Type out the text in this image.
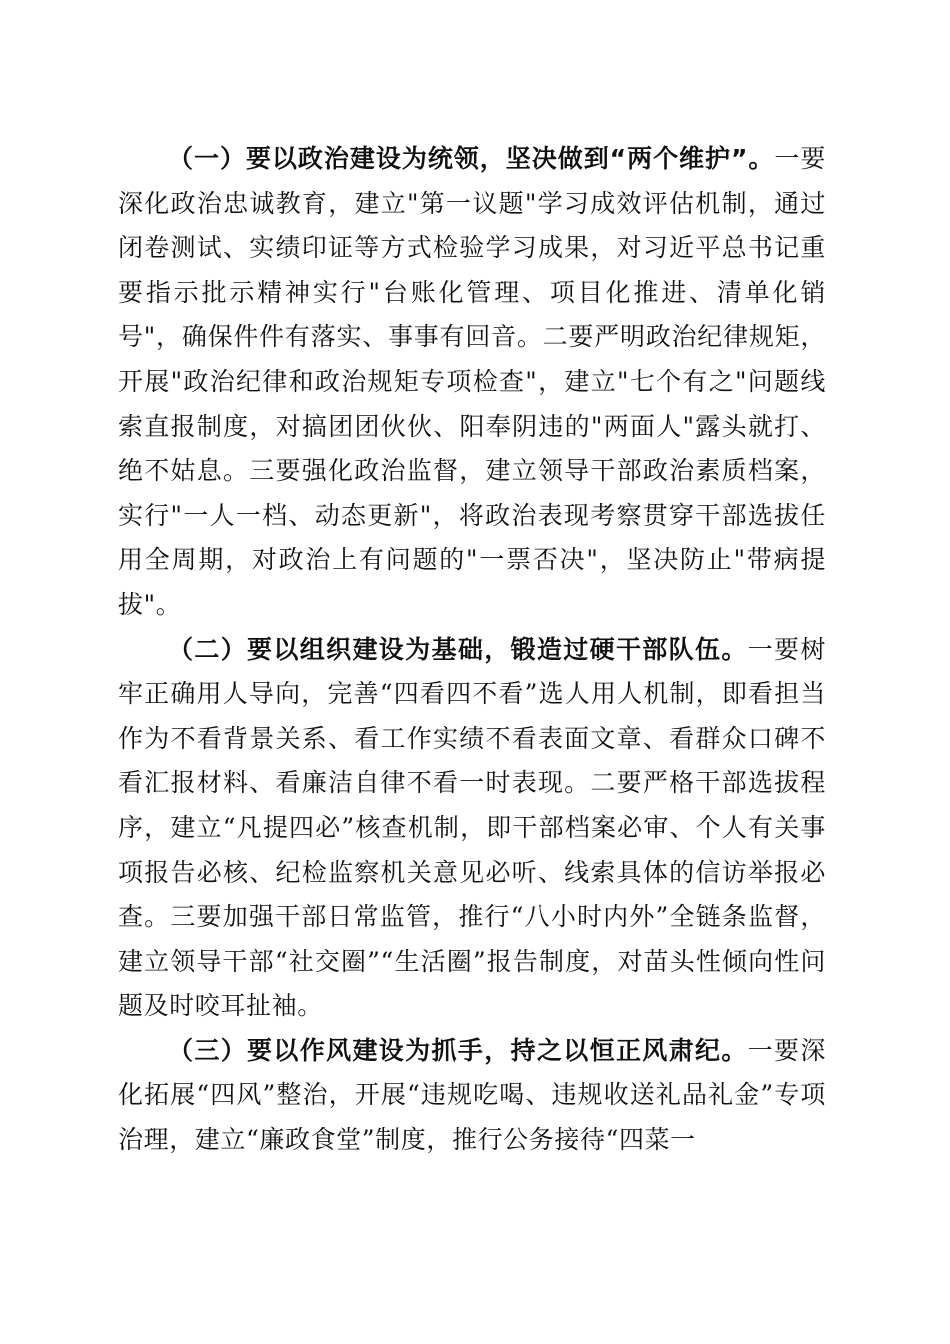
（一）要以政治建设为统领，坚决做到“两个维护”。一要深化政治忠诚教育，建立"第一议题"学习成效评估机制，通过闭卷测试、实绩印证等方式检验学习成果，对习近平总书记重要指示批示精神实行"台账化管理、项目化推进、清单化销号"，确保件件有落实、事事有回音。二要严明政治纪律规矩，开展"政治纪律和政治规矩专项检查"，建立"七个有之"问题线索直报制度，对搞团团伙伙、阳奉阴违的"两面人"露头就打、绝不姑息。三要强化政治监督，建立领导干部政治素质档案，实行"一人一档、动态更新"，将政治表现考察贯穿干部选拔任用全周期，对政治上有问题的"一票否决"，坚决防止"带病提拔"。

（二）要以组织建设为基础，锻造过硬干部队伍。一要树牢正确用人导向，完善“四看四不看”选人用人机制，即看担当作为不看背景关系、看工作实绩不看表面文章、看群众口碑不看汇报材料、看廉洁自律不看一时表现。二要严格干部选拔程序，建立“凡提四必”核查机制，即干部档案必审、个人有关事项报告必核、纪检监察机关意见必听、线索具体的信访举报必查。三要加强干部日常监管，推行“八小时内外”全链条监督，建立领导干部“社交圈”“生活圈”报告制度，对苗头性倾向性问题及时咬耳扯袖。

（三）要以作风建设为抓手，持之以恒正风肃纪。一要深化拓展“四风”整治，开展“违规吃喝、违规收送礼品礼金”专项治理，建立“廉政食堂”制度，推行公务接待“四菜一
